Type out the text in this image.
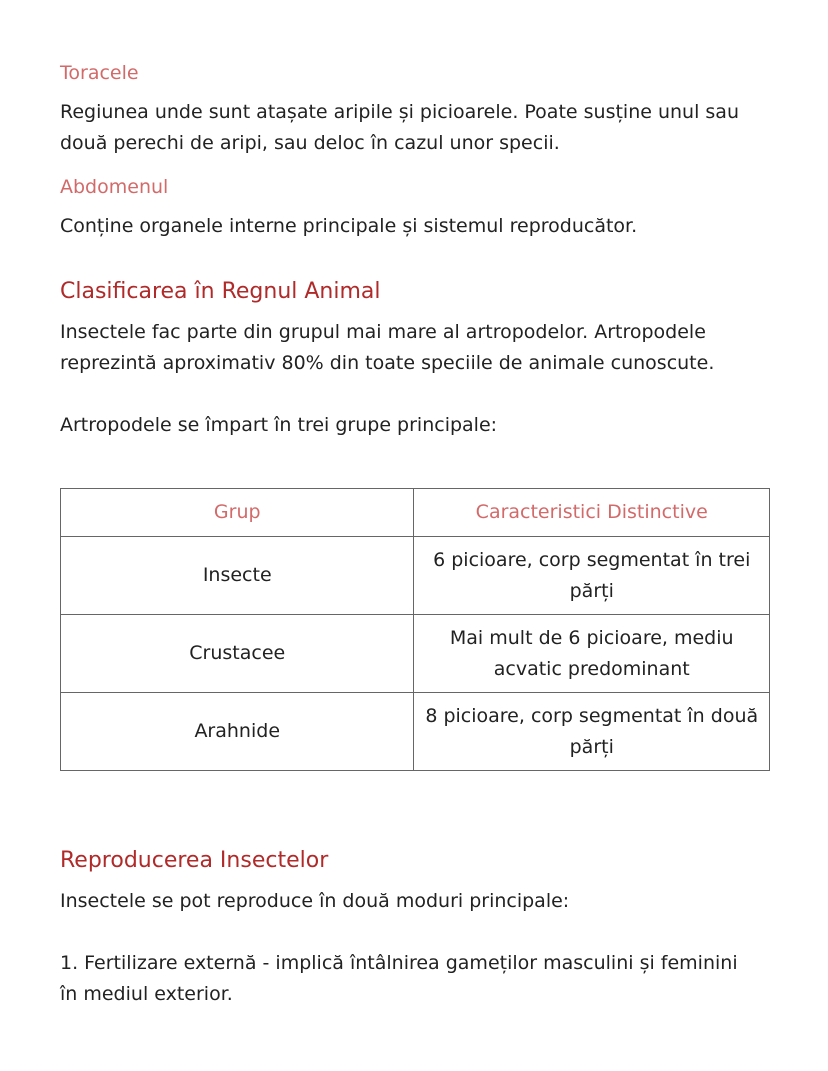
Toracele

Regiunea unde sunt atașate aripile și picioarele. Poate susține unul sau două perechi de aripi, sau deloc în cazul unor specii.

Abdomenul

Conține organele interne principale și sistemul reproducător.

Clasificarea în Regnul Animal

Insectele fac parte din grupul mai mare al artropodelor. Artropodele reprezintă aproximativ 80% din toate speciile de animale cunoscute.

Artropodele se împart în trei grupe principale:

Grup	Caracteristici Distinctive
Insecte	6 picioare, corp segmentat în trei părți
Crustacee	Mai mult de 6 picioare, mediu acvatic predominant
Arahnide	8 picioare, corp segmentat în două părți
Reproducerea Insectelor

Insectele se pot reproduce în două moduri principale:

1. Fertilizare externă - implică întâlnirea gameților masculini și feminini în mediul exterior.
